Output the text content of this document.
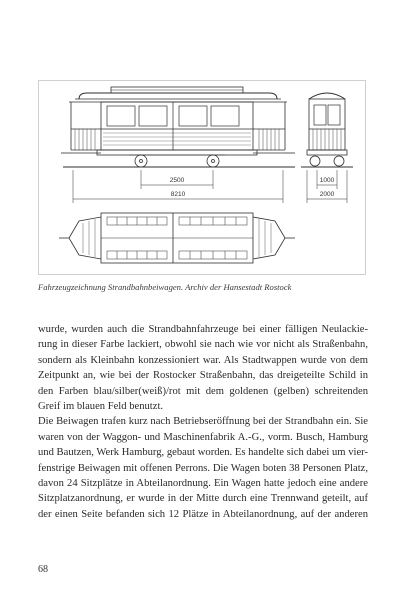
2500
8210
1000
2000
Fahrzeugzeichnung Strandbahnbeiwagen. Archiv der Hansestadt Rostock

wurde, wurden auch die Strandbahnfahrzeuge bei einer fälligen Neulackie-

rung in dieser Farbe lackiert, obwohl sie nach wie vor nicht als Straßenbahn,

sondern als Kleinbahn konzessioniert war. Als Stadtwappen wurde von dem

Zeitpunkt an, wie bei der Rostocker Straßenbahn, das dreigeteilte Schild in

den Farben blau/silber(weiß)/rot mit dem goldenen (gelben) schreitenden

Greif im blauen Feld benutzt.

Die Beiwagen trafen kurz nach Betriebseröffnung bei der Strandbahn ein. Sie

waren von der Waggon- und Maschinenfabrik A.-G., vorm. Busch, Hamburg

und Bautzen, Werk Hamburg, gebaut worden. Es handelte sich dabei um vier-

fenstrige Beiwagen mit offenen Perrons. Die Wagen boten 38 Personen Platz,

davon 24 Sitzplätze in Abteilanordnung. Ein Wagen hatte jedoch eine andere

Sitzplatzanordnung, er wurde in der Mitte durch eine Trennwand geteilt, auf

der einen Seite befanden sich 12 Plätze in Abteilanordnung, auf der anderen

68
